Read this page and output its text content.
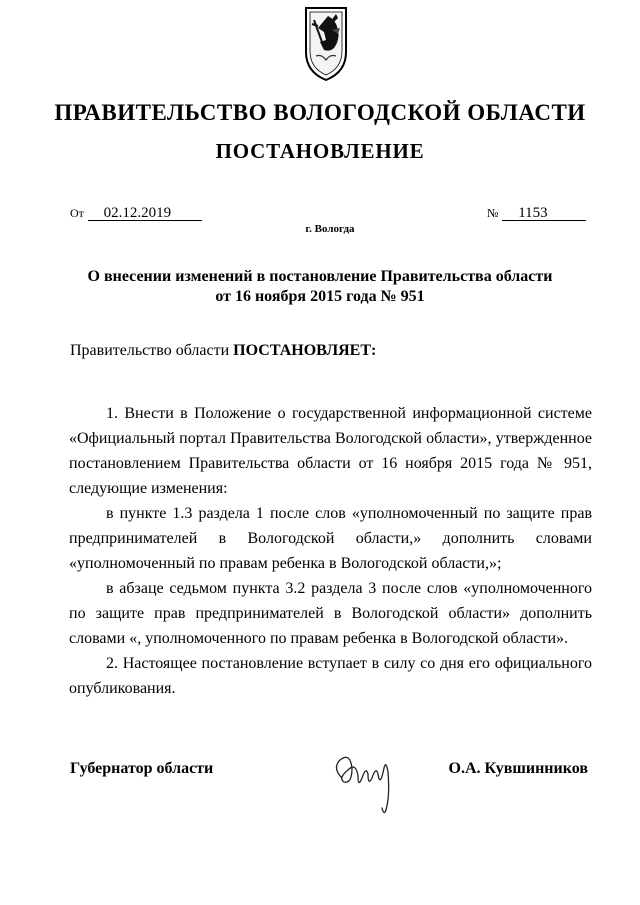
ПРАВИТЕЛЬСТВО ВОЛОГОДСКОЙ ОБЛАСТИ
ПОСТАНОВЛЕНИЕ
От 02.12.2019	№ 1153
г. Вологда
О внесении изменений в постановление Правительства области
от 16 ноября 2015 года № 951
Правительство области ПОСТАНОВЛЯЕТ:

1. Внести в Положение о государственной информационной системе «Официальный портал Правительства Вологодской области», утвержденное постановлением Правительства области от 16 ноября 2015 года № 951, следующие изменения:

в пункте 1.3 раздела 1 после слов «уполномоченный по защите прав предпринимателей в Вологодской области,» дополнить словами «уполномоченный по правам ребенка в Вологодской области,»;

в абзаце седьмом пункта 3.2 раздела 3 после слов «уполномоченного по защите прав предпринимателей в Вологодской области» дополнить словами «, уполномоченного по правам ребенка в Вологодской области».

2. Настоящее постановление вступает в силу со дня его официального опубликования.

Губернатор области	О.А. Кувшинников
